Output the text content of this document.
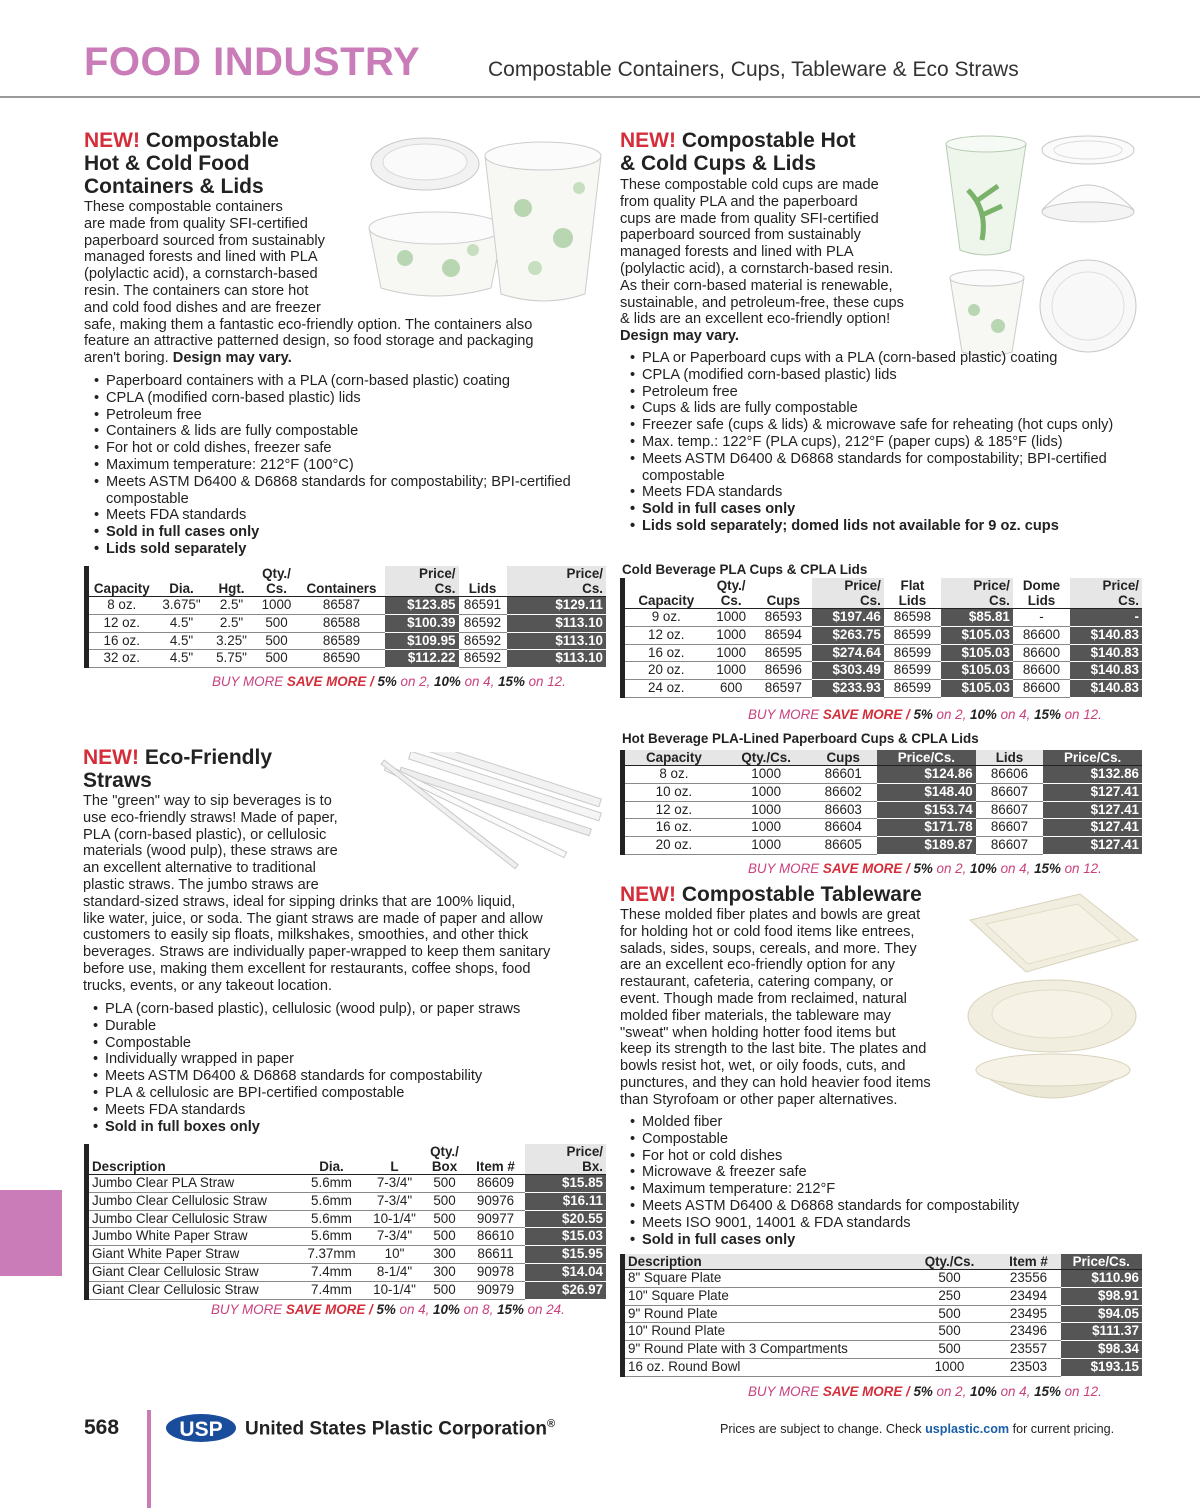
FOOD INDUSTRY	Compostable Containers, Cups, Tableware & Eco Straws
NEW! Compostable
Hot & Cold Food
Containers & Lids
These compostable containers
are made from quality SFI-certified
paperboard sourced from sustainably
managed forests and lined with PLA
(polylactic acid), a cornstarch-based
resin. The containers can store hot
and cold food dishes and are freezer
safe, making them a fantastic eco-friendly option. The containers also
feature an attractive patterned design, so food storage and packaging
aren't boring. Design may vary.
• Paperboard containers with a PLA (corn-based plastic) coating
• CPLA (modified corn-based plastic) lids
• Petroleum free
• Containers & lids are fully compostable
• For hot or cold dishes, freezer safe
• Maximum temperature: 212°F (100°C)
• Meets ASTM D6400 & D6868 standards for compostability; BPI-certified compostable
• Meets FDA standards
• Sold in full cases only
• Lids sold separately
Capacity	Dia.	Hgt.	Qty./
Cs.	Containers	Price/
Cs.	Lids	Price/
Cs.
8 oz.	3.675"	2.5"	1000	86587	$123.85	86591	$129.11
12 oz.	4.5"	2.5"	500	86588	$100.39	86592	$113.10
16 oz.	4.5"	3.25"	500	86589	$109.95	86592	$113.10
32 oz.	4.5"	5.75"	500	86590	$112.22	86592	$113.10
BUY MORE SAVE MORE / 5% on 2, 10% on 4, 15% on 12.
NEW! Eco-Friendly
Straws
The "green" way to sip beverages is to
use eco-friendly straws! Made of paper,
PLA (corn-based plastic), or cellulosic
materials (wood pulp), these straws are
an excellent alternative to traditional
plastic straws. The jumbo straws are
standard-sized straws, ideal for sipping drinks that are 100% liquid,
like water, juice, or soda. The giant straws are made of paper and allow
customers to easily sip floats, milkshakes, smoothies, and other thick
beverages. Straws are individually paper-wrapped to keep them sanitary
before use, making them excellent for restaurants, coffee shops, food
trucks, events, or any takeout location.
• PLA (corn-based plastic), cellulosic (wood pulp), or paper straws
• Durable
• Compostable
• Individually wrapped in paper
• Meets ASTM D6400 & D6868 standards for compostability
• PLA & cellulosic are BPI-certified compostable
• Meets FDA standards
• Sold in full boxes only
Description	Dia.	L	Qty./
Box	Item #	Price/
Bx.
Jumbo Clear PLA Straw	5.6mm	7-3/4"	500	86609	$15.85
Jumbo Clear Cellulosic Straw	5.6mm	7-3/4"	500	90976	$16.11
Jumbo Clear Cellulosic Straw	5.6mm	10-1/4"	500	90977	$20.55
Jumbo White Paper Straw	5.6mm	7-3/4"	500	86610	$15.03
Giant White Paper Straw	7.37mm	10"	300	86611	$15.95
Giant Clear Cellulosic Straw	7.4mm	8-1/4"	300	90978	$14.04
Giant Clear Cellulosic Straw	7.4mm	10-1/4"	500	90979	$26.97
BUY MORE SAVE MORE / 5% on 4, 10% on 8, 15% on 24.
NEW! Compostable Hot
& Cold Cups & Lids
These compostable cold cups are made
from quality PLA and the paperboard
cups are made from quality SFI-certified
paperboard sourced from sustainably
managed forests and lined with PLA
(polylactic acid), a cornstarch-based resin.
As their corn-based material is renewable,
sustainable, and petroleum-free, these cups
& lids are an excellent eco-friendly option!
Design may vary.
• PLA or Paperboard cups with a PLA (corn-based plastic) coating
• CPLA (modified corn-based plastic) lids
• Petroleum free
• Cups & lids are fully compostable
• Freezer safe (cups & lids) & microwave safe for reheating (hot cups only)
• Max. temp.: 122°F (PLA cups), 212°F (paper cups) & 185°F (lids)
• Meets ASTM D6400 & D6868 standards for compostability; BPI-certified compostable
• Meets FDA standards
• Sold in full cases only
• Lids sold separately; domed lids not available for 9 oz. cups
Cold Beverage PLA Cups & CPLA Lids
Capacity	Qty./
Cs.	Cups	Price/
Cs.	Flat
Lids	Price/
Cs.	Dome
Lids	Price/
Cs.
9 oz.	1000	86593	$197.46	86598	$85.81	-	-
12 oz.	1000	86594	$263.75	86599	$105.03	86600	$140.83
16 oz.	1000	86595	$274.64	86599	$105.03	86600	$140.83
20 oz.	1000	86596	$303.49	86599	$105.03	86600	$140.83
24 oz.	600	86597	$233.93	86599	$105.03	86600	$140.83
BUY MORE SAVE MORE / 5% on 2, 10% on 4, 15% on 12.
Hot Beverage PLA-Lined Paperboard Cups & CPLA Lids
Capacity	Qty./Cs.	Cups	Price/Cs.	Lids	Price/Cs.
8 oz.	1000	86601	$124.86	86606	$132.86
10 oz.	1000	86602	$148.40	86607	$127.41
12 oz.	1000	86603	$153.74	86607	$127.41
16 oz.	1000	86604	$171.78	86607	$127.41
20 oz.	1000	86605	$189.87	86607	$127.41
BUY MORE SAVE MORE / 5% on 2, 10% on 4, 15% on 12.
NEW! Compostable Tableware
These molded fiber plates and bowls are great
for holding hot or cold food items like entrees,
salads, sides, soups, cereals, and more. They
are an excellent eco-friendly option for any
restaurant, cafeteria, catering company, or
event. Though made from reclaimed, natural
molded fiber materials, the tableware may
"sweat" when holding hotter food items but
keep its strength to the last bite. The plates and
bowls resist hot, wet, or oily foods, cuts, and
punctures, and they can hold heavier food items
than Styrofoam or other paper alternatives.
• Molded fiber
• Compostable
• For hot or cold dishes
• Microwave & freezer safe
• Maximum temperature: 212°F
• Meets ASTM D6400 & D6868 standards for compostability
• Meets ISO 9001, 14001 & FDA standards
• Sold in full cases only
Description	Qty./Cs.	Item #	Price/Cs.
8" Square Plate	500	23556	$110.96
10" Square Plate	250	23494	$98.91
9" Round Plate	500	23495	$94.05
10" Round Plate	500	23496	$111.37
9" Round Plate with 3 Compartments	500	23557	$98.34
16 oz. Round Bowl	1000	23503	$193.15
BUY MORE SAVE MORE / 5% on 2, 10% on 4, 15% on 12.
568	USP United States Plastic Corporation®	Prices are subject to change. Check usplastic.com for current pricing.
